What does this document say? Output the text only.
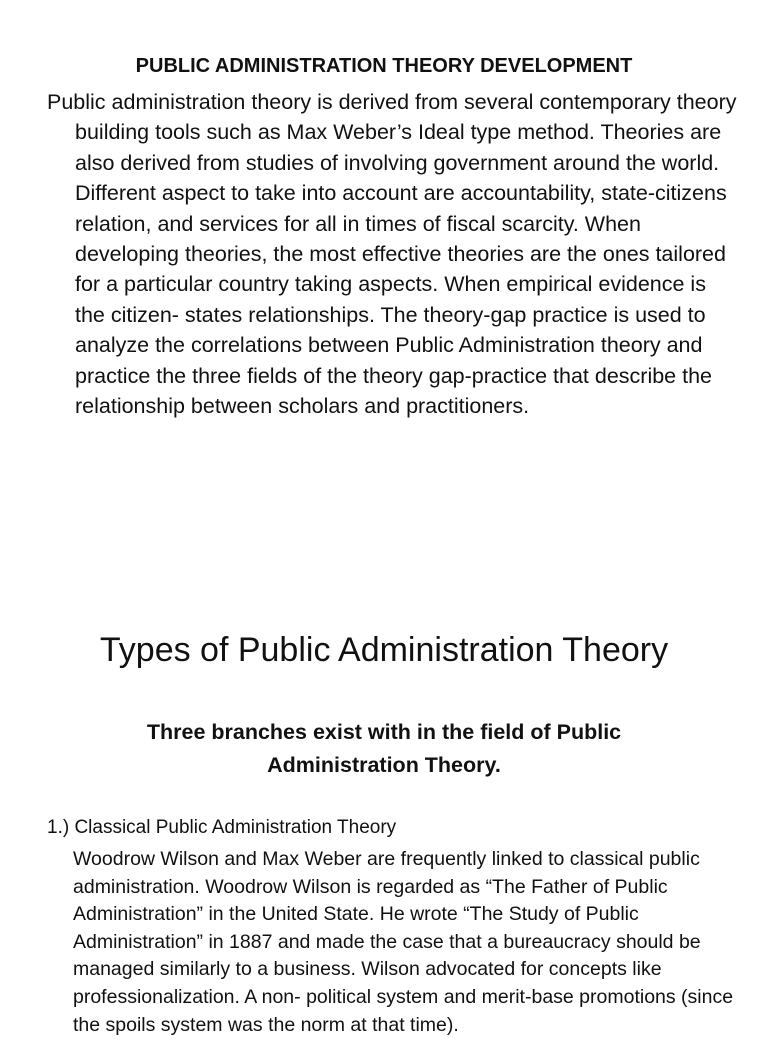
PUBLIC ADMINISTRATION THEORY DEVELOPMENT

Public administration theory is derived from several contemporary theory building tools such as Max Weber’s Ideal type method. Theories are also derived from studies of involving government around the world. Different aspect to take into account are accountability, state-citizens relation, and services for all in times of fiscal scarcity. When developing theories, the most effective theories are the ones tailored for a particular country taking aspects. When empirical evidence is the citizen- states relationships. The theory-gap practice is used to analyze the correlations between Public Administration theory and practice the three fields of the theory gap-practice that describe the relationship between scholars and practitioners.

Types of Public Administration Theory

Three branches exist with in the field of Public Administration Theory.

1.) Classical Public Administration Theory

Woodrow Wilson and Max Weber are frequently linked to classical public administration. Woodrow Wilson is regarded as “The Father of Public Administration” in the United State. He wrote “The Study of Public Administration” in 1887 and made the case that a bureaucracy should be managed similarly to a business. Wilson advocated for concepts like professionalization. A non- political system and merit-base promotions (since the spoils system was the norm at that time).
